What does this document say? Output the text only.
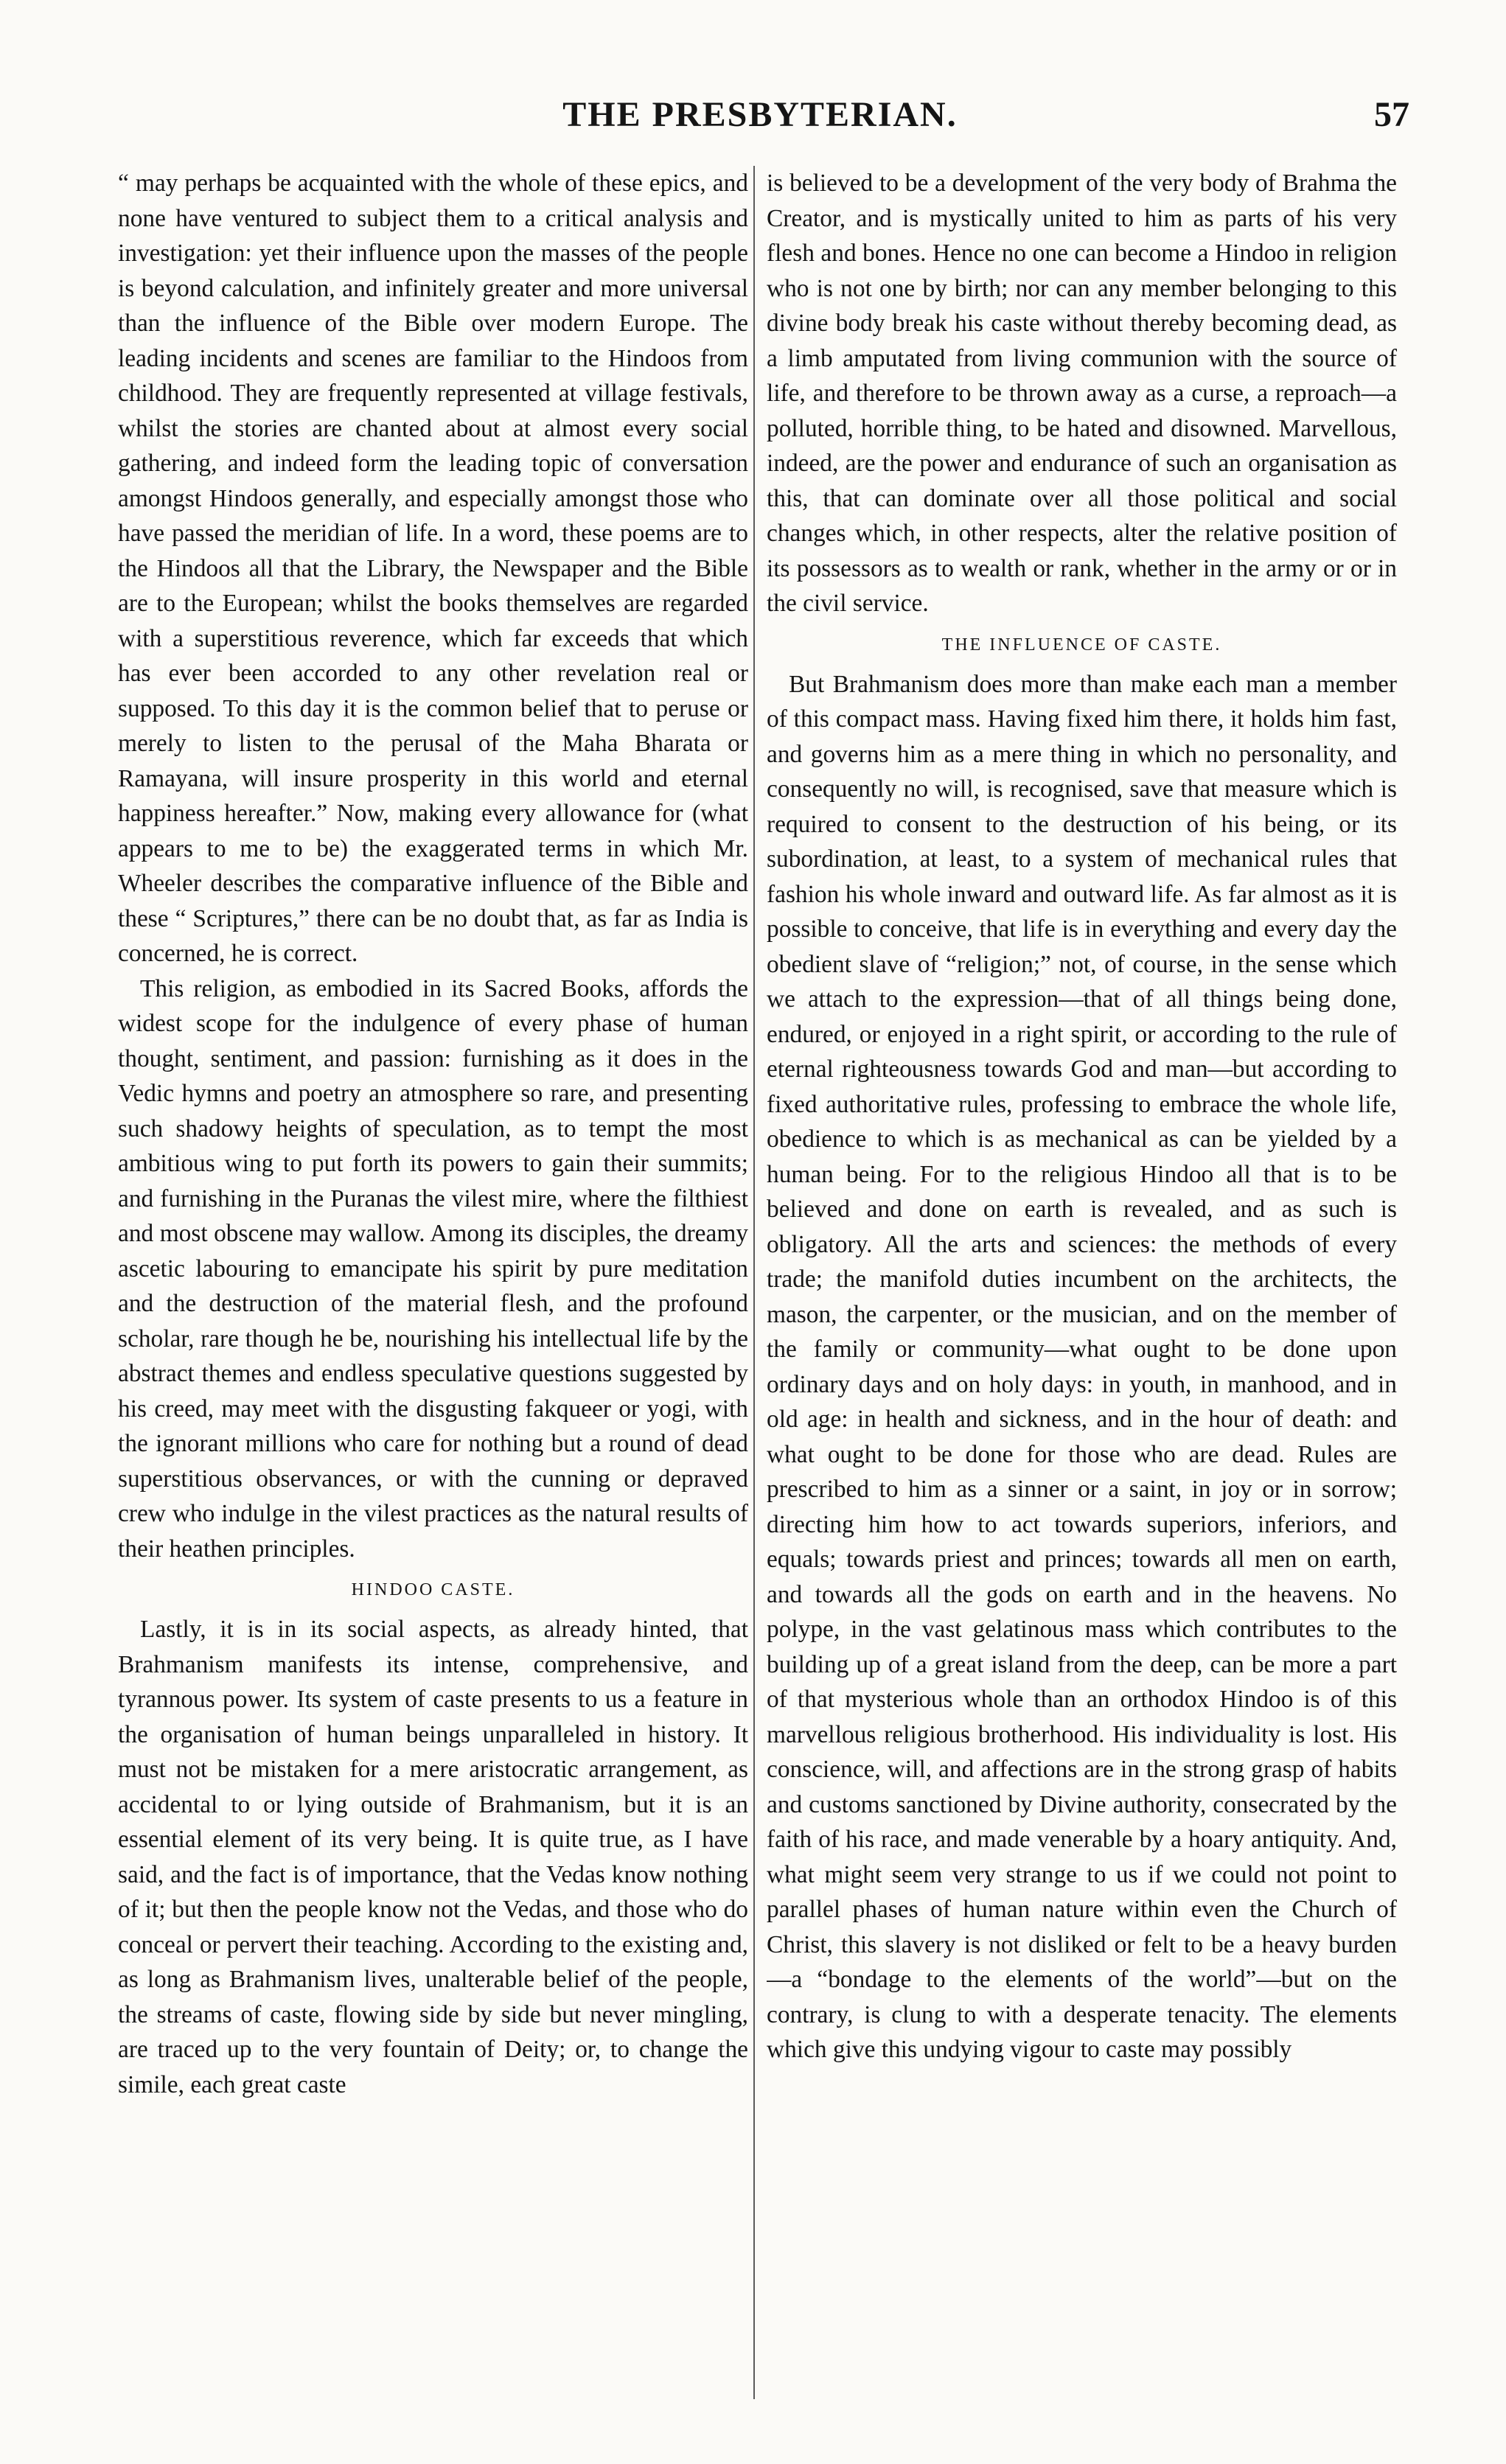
THE PRESBYTERIAN.	57

“ may perhaps be acquainted with the whole of these epics, and none have ventured to subject them to a critical analysis and investigation: yet their influence upon the masses of the people is beyond calculation, and infinitely greater and more universal than the influence of the Bible over modern Europe. The leading incidents and scenes are familiar to the Hindoos from childhood. They are frequently represented at village festivals, whilst the stories are chanted about at almost every social gathering, and indeed form the leading topic of conversation amongst Hindoos generally, and especially amongst those who have passed the meridian of life. In a word, these poems are to the Hindoos all that the Library, the Newspaper and the Bible are to the European; whilst the books themselves are regarded with a superstitious reverence, which far exceeds that which has ever been accorded to any other revelation real or supposed. To this day it is the common belief that to peruse or merely to listen to the perusal of the Maha Bharata or Ramayana, will insure prosperity in this world and eternal happiness hereafter.” Now, making every allowance for (what appears to me to be) the exaggerated terms in which Mr. Wheeler describes the comparative influence of the Bible and these “ Scriptures,” there can be no doubt that, as far as India is concerned, he is correct.

This religion, as embodied in its Sacred Books, affords the widest scope for the indulgence of every phase of human thought, sentiment, and passion: furnishing as it does in the Vedic hymns and poetry an atmosphere so rare, and presenting such shadowy heights of speculation, as to tempt the most ambitious wing to put forth its powers to gain their summits; and furnishing in the Puranas the vilest mire, where the filthiest and most obscene may wallow. Among its disciples, the dreamy ascetic labouring to emancipate his spirit by pure meditation and the destruction of the material flesh, and the profound scholar, rare though he be, nourishing his intellectual life by the abstract themes and endless speculative questions suggested by his creed, may meet with the disgusting fakqueer or yogi, with the ignorant millions who care for nothing but a round of dead superstitious observances, or with the cunning or depraved crew who indulge in the vilest practices as the natural results of their heathen principles.

HINDOO CASTE.

Lastly, it is in its social aspects, as already hinted, that Brahmanism manifests its intense, comprehensive, and tyrannous power. Its system of caste presents to us a feature in the organisation of human beings unparalleled in history. It must not be mistaken for a mere aristocratic arrangement, as accidental to or lying outside of Brahmanism, but it is an essential element of its very being. It is quite true, as I have said, and the fact is of importance, that the Vedas know nothing of it; but then the people know not the Vedas, and those who do conceal or pervert their teaching. According to the existing and, as long as Brahmanism lives, unalterable belief of the people, the streams of caste, flowing side by side but never mingling, are traced up to the very fountain of Deity; or, to change the simile, each great caste

is believed to be a development of the very body of Brahma the Creator, and is mystically united to him as parts of his very flesh and bones. Hence no one can become a Hindoo in religion who is not one by birth; nor can any member belonging to this divine body break his caste without thereby becoming dead, as a limb amputated from living communion with the source of life, and therefore to be thrown away as a curse, a reproach—a polluted, horrible thing, to be hated and disowned. Marvellous, indeed, are the power and endurance of such an organisation as this, that can dominate over all those political and social changes which, in other respects, alter the relative position of its possessors as to wealth or rank, whether in the army or or in the civil service.

THE INFLUENCE OF CASTE.

But Brahmanism does more than make each man a member of this compact mass. Having fixed him there, it holds him fast, and governs him as a mere thing in which no personality, and consequently no will, is recognised, save that measure which is required to consent to the destruction of his being, or its subordination, at least, to a system of mechanical rules that fashion his whole inward and outward life. As far almost as it is possible to conceive, that life is in everything and every day the obedient slave of “religion;” not, of course, in the sense which we attach to the expression—that of all things being done, endured, or enjoyed in a right spirit, or according to the rule of eternal righteousness towards God and man—but according to fixed authoritative rules, professing to embrace the whole life, obedience to which is as mechanical as can be yielded by a human being. For to the religious Hindoo all that is to be believed and done on earth is revealed, and as such is obligatory. All the arts and sciences: the methods of every trade; the manifold duties incumbent on the architects, the mason, the carpenter, or the musician, and on the member of the family or community—what ought to be done upon ordinary days and on holy days: in youth, in manhood, and in old age: in health and sickness, and in the hour of death: and what ought to be done for those who are dead. Rules are prescribed to him as a sinner or a saint, in joy or in sorrow; directing him how to act towards superiors, inferiors, and equals; towards priest and princes; towards all men on earth, and towards all the gods on earth and in the heavens. No polype, in the vast gelatinous mass which contributes to the building up of a great island from the deep, can be more a part of that mysterious whole than an orthodox Hindoo is of this marvellous religious brotherhood. His individuality is lost. His conscience, will, and affections are in the strong grasp of habits and customs sanctioned by Divine authority, consecrated by the faith of his race, and made venerable by a hoary antiquity. And, what might seem very strange to us if we could not point to parallel phases of human nature within even the Church of Christ, this slavery is not disliked or felt to be a heavy burden—a “bondage to the elements of the world”—but on the contrary, is clung to with a desperate tenacity. The elements which give this undying vigour to caste may possibly
